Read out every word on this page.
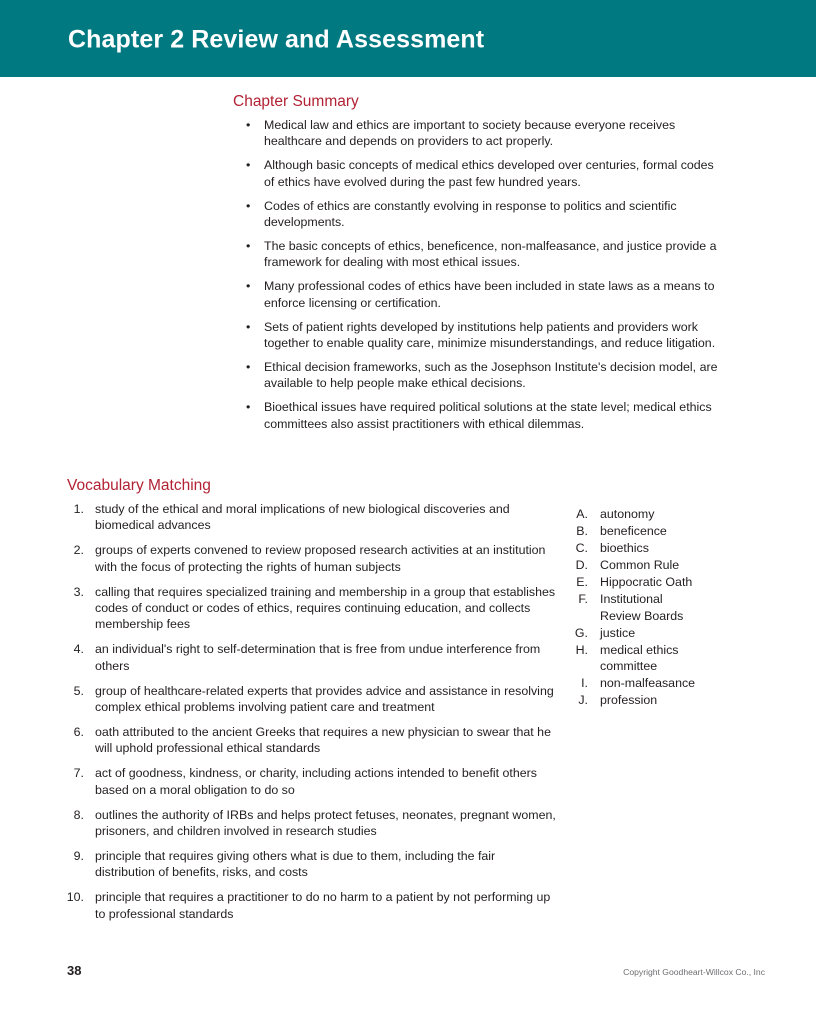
Chapter 2 Review and Assessment
Chapter Summary
• Medical law and ethics are important to society because everyone receives healthcare and depends on providers to act properly.
• Although basic concepts of medical ethics developed over centuries, formal codes of ethics have evolved during the past few hundred years.
• Codes of ethics are constantly evolving in response to politics and scientific developments.
• The basic concepts of ethics, beneficence, non-malfeasance, and justice provide a framework for dealing with most ethical issues.
• Many professional codes of ethics have been included in state laws as a means to enforce licensing or certification.
• Sets of patient rights developed by institutions help patients and providers work together to enable quality care, minimize misunderstandings, and reduce litigation.
• Ethical decision frameworks, such as the Josephson Institute's decision model, are available to help people make ethical decisions.
• Bioethical issues have required political solutions at the state level; medical ethics committees also assist practitioners with ethical dilemmas.
Vocabulary Matching
1. study of the ethical and moral implications of new biological discoveries and biomedical advances
2. groups of experts convened to review proposed research activities at an institution with the focus of protecting the rights of human subjects
3. calling that requires specialized training and membership in a group that establishes codes of conduct or codes of ethics, requires continuing education, and collects membership fees
4. an individual's right to self-determination that is free from undue interference from others
5. group of healthcare-related experts that provides advice and assistance in resolving complex ethical problems involving patient care and treatment
6. oath attributed to the ancient Greeks that requires a new physician to swear that he will uphold professional ethical standards
7. act of goodness, kindness, or charity, including actions intended to benefit others based on a moral obligation to do so
8. outlines the authority of IRBs and helps protect fetuses, neonates, pregnant women, prisoners, and children involved in research studies
9. principle that requires giving others what is due to them, including the fair distribution of benefits, risks, and costs
10. principle that requires a practitioner to do no harm to a patient by not performing up to professional standards
A. autonomy
B. beneficence
C. bioethics
D. Common Rule
E. Hippocratic Oath
F. Institutional
Review Boards
G. justice
H. medical ethics
committee
I. non-malfeasance
J. profession
38	Copyright Goodheart-Willcox Co., Inc
